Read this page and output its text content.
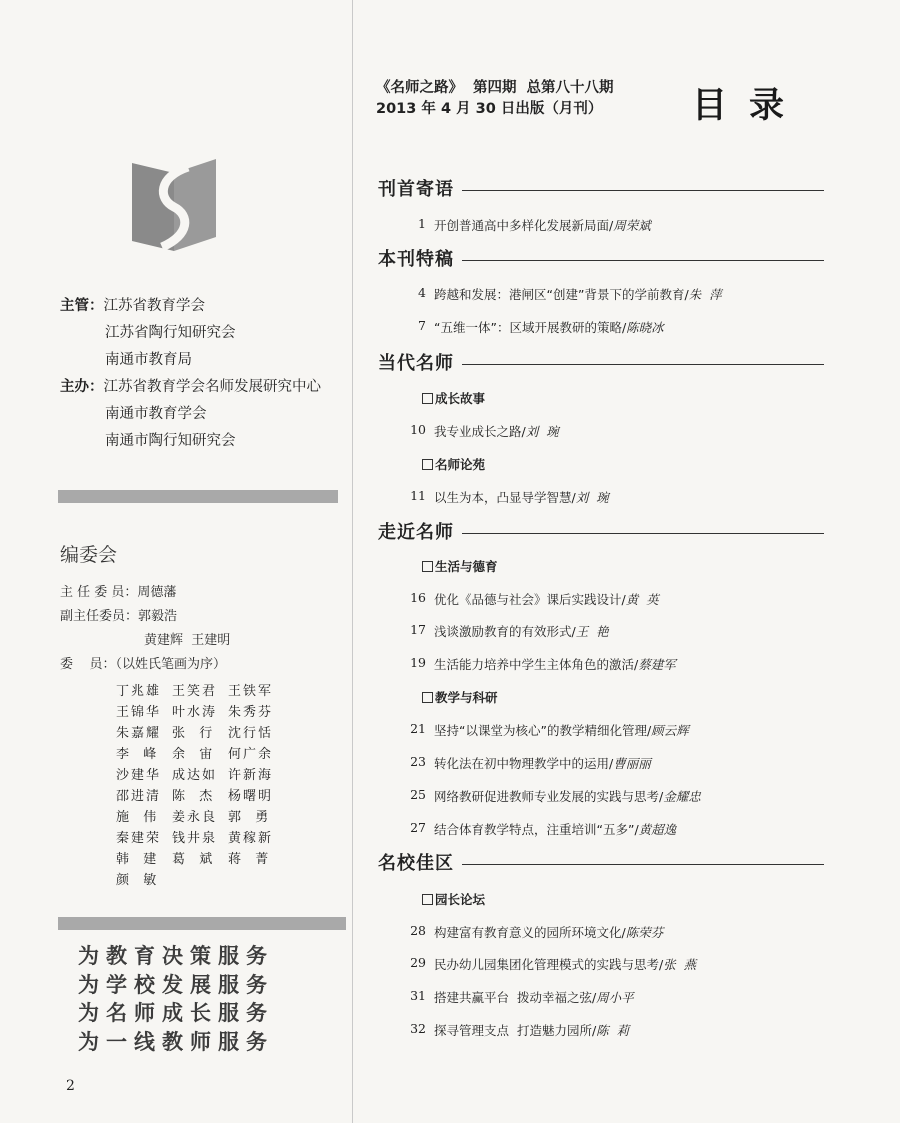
主管：江苏省教育学会
江苏省陶行知研究会
南通市教育局
主办：江苏省教育学会名师发展研究中心
南通市教育学会
南通市陶行知研究会
编委会
主 任 委 员：周德藩
副主任委员：郭毅浩
黄建辉  王建明
委    员：（以姓氏笔画为序）
丁兆雄 王笑君 王铁军
王锦华 叶水涛 朱秀芬
朱嘉耀 张  行	沈行恬
李  峰	余  宙	何广余
沙建华 成达如 许新海
邵进清 陈  杰	杨曙明
施  伟	姜永良 郭  勇
秦建荣 钱井泉 黄稼新
韩  建	葛  斌	蒋  菁
颜  敏
为教育决策服务
为学校发展服务
为名师成长服务
为一线教师服务
2
《名师之路》 第四期 总第八十八期
2013 年 4 月 30 日出版（月刊）	目录
刊首寄语
1 开创普通高中多样化发展新局面/ 周荣斌
本刊特稿
4 跨越和发展：港闸区“创建”背景下的学前教育/ 朱  萍
7 “五维一体”：区域开展教研的策略/ 陈晓冰
当代名师
成长故事
10 我专业成长之路/ 刘  琬
名师论苑
11 以生为本，凸显导学智慧/ 刘  琬
走近名师
生活与德育
16 优化《品德与社会》课后实践设计/ 黄  英
17 浅谈激励教育的有效形式/ 王  艳
19 生活能力培养中学生主体角色的激活/ 蔡建军
教学与科研
21 坚持“以课堂为核心”的教学精细化管理/ 顾云辉
23 转化法在初中物理教学中的运用/ 曹丽丽
25 网络教研促进教师专业发展的实践与思考/ 金耀忠
27 结合体育教学特点，注重培训“五多”/ 黄超逸
名校佳区
园长论坛
28 构建富有教育意义的园所环境文化/ 陈荣芬
29 民办幼儿园集团化管理模式的实践与思考/ 张  燕
31 搭建共赢平台  拨动幸福之弦/ 周小平
32 探寻管理支点  打造魅力园所/ 陈  莉
